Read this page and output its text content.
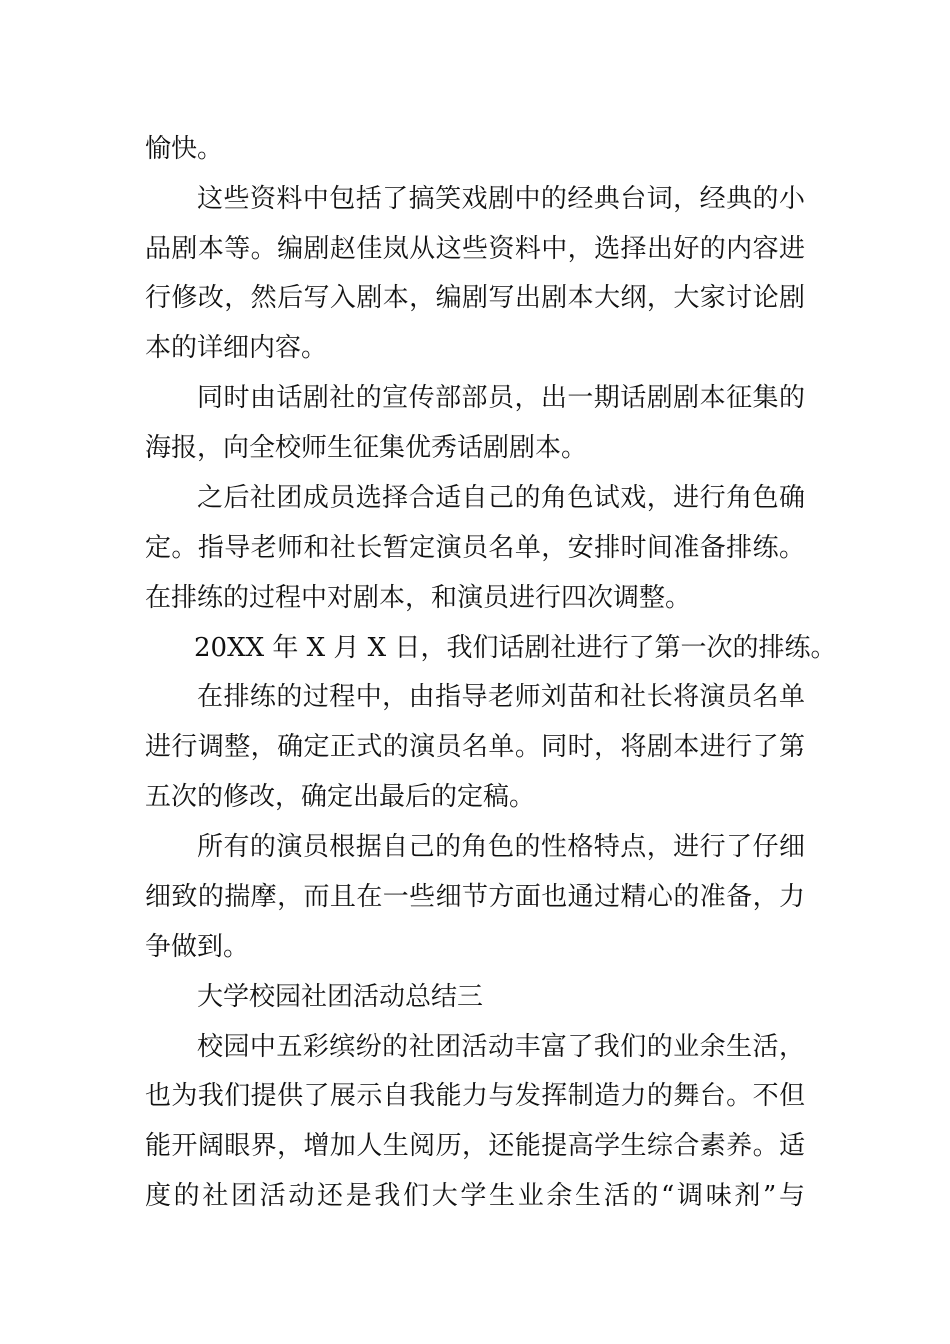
愉快。
这些资料中包括了搞笑戏剧中的经典台词，经典的小
品剧本等。编剧赵佳岚从这些资料中，选择出好的内容进
行修改，然后写入剧本，编剧写出剧本大纲，大家讨论剧
本的详细内容。
同时由话剧社的宣传部部员，出一期话剧剧本征集的
海报，向全校师生征集优秀话剧剧本。
之后社团成员选择合适自己的角色试戏，进行角色确
定。指导老师和社长暂定演员名单，安排时间准备排练。
在排练的过程中对剧本，和演员进行四次调整。
20XX 年 X 月 X 日，我们话剧社进行了第一次的排练。
在排练的过程中，由指导老师刘苗和社长将演员名单
进行调整，确定正式的演员名单。同时，将剧本进行了第
五次的修改，确定出最后的定稿。
所有的演员根据自己的角色的性格特点，进行了仔细
细致的揣摩，而且在一些细节方面也通过精心的准备，力
争做到。
大学校园社团活动总结三
校园中五彩缤纷的社团活动丰富了我们的业余生活，
也为我们提供了展示自我能力与发挥制造力的舞台。不但
能开阔眼界，增加人生阅历，还能提高学生综合素养。适
度的社团活动还是我们大学生业余生活的“调味剂”与
